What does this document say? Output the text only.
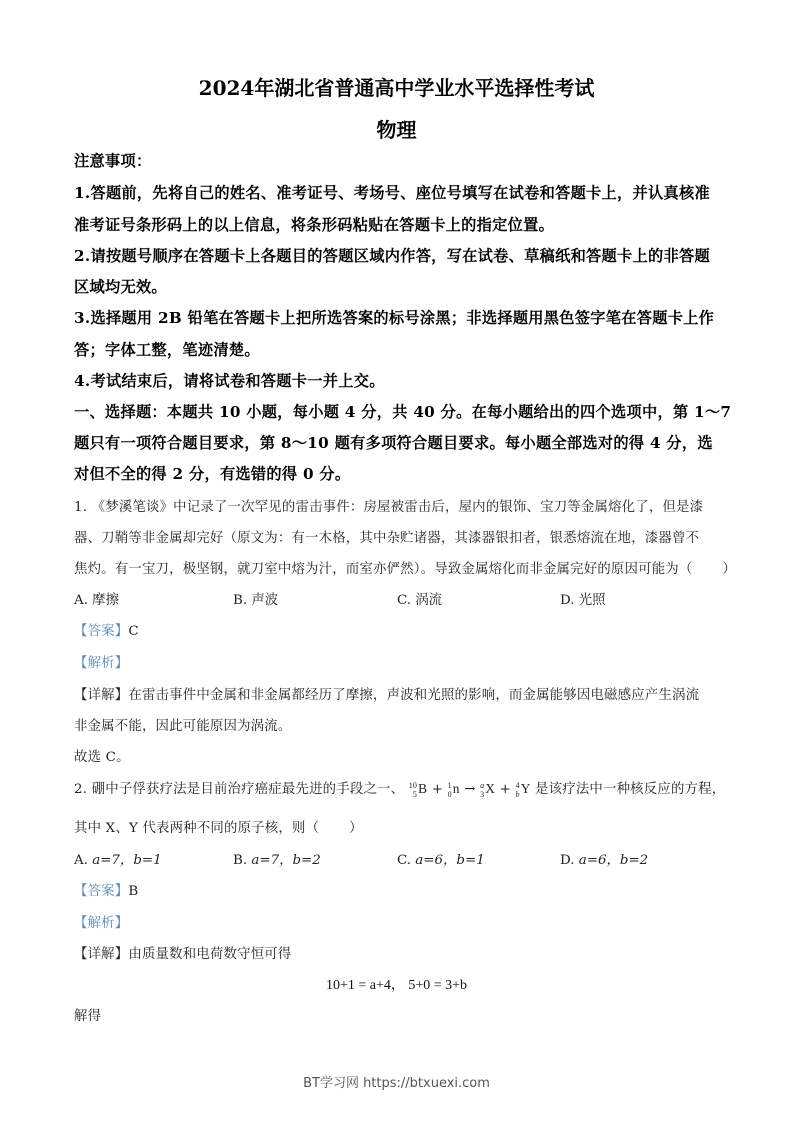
2024年湖北省普通高中学业水平选择性考试
物理
注意事项：
1.答题前，先将自己的姓名、准考证号、考场号、座位号填写在试卷和答题卡上，并认真核准
准考证号条形码上的以上信息，将条形码粘贴在答题卡上的指定位置。
2.请按题号顺序在答题卡上各题目的答题区域内作答，写在试卷、草稿纸和答题卡上的非答题
区域均无效。
3.选择题用 2B 铅笔在答题卡上把所选答案的标号涂黑；非选择题用黑色签字笔在答题卡上作
答；字体工整，笔迹清楚。
4.考试结束后，请将试卷和答题卡一并上交。
一、选择题：本题共 10 小题，每小题 4 分，共 40 分。在每小题给出的四个选项中，第 1～7
题只有一项符合题目要求，第 8～10 题有多项符合题目要求。每小题全部选对的得 4 分，选
对但不全的得 2 分，有选错的得 0 分。
1. 《梦溪笔谈》中记录了一次罕见的雷击事件：房屋被雷击后，屋内的银饰、宝刀等金属熔化了，但是漆
器、刀鞘等非金属却完好（原文为：有一木格，其中杂贮诸器，其漆器银扣者，银悉熔流在地，漆器曾不
焦灼。有一宝刀，极坚钢，就刀室中熔为汁，而室亦俨然）。导致金属熔化而非金属完好的原因可能为（ ）
A. 摩擦	B. 声波	C. 涡流	D. 光照
【答案】C
【解析】
【详解】在雷击事件中金属和非金属都经历了摩擦，声波和光照的影响，而金属能够因电磁感应产生涡流
非金属不能，因此可能原因为涡流。
故选 C。
2. 硼中子俘获疗法是目前治疗癌症最先进的手段之一、 10
5 B + 1
0 n → a
3 X + 4
b Y 是该疗法中一种核反应的方程，
其中 X、Y 代表两种不同的原子核，则（ ）
A. a=7，b=1	B. a=7，b=2	C. a=6，b=1	D. a=6，b=2
【答案】B
【解析】
【详解】由质量数和电荷数守恒可得
10+1 = a+4， 5+0 = 3+b
解得
BT学习网 https://btxuexi.com
